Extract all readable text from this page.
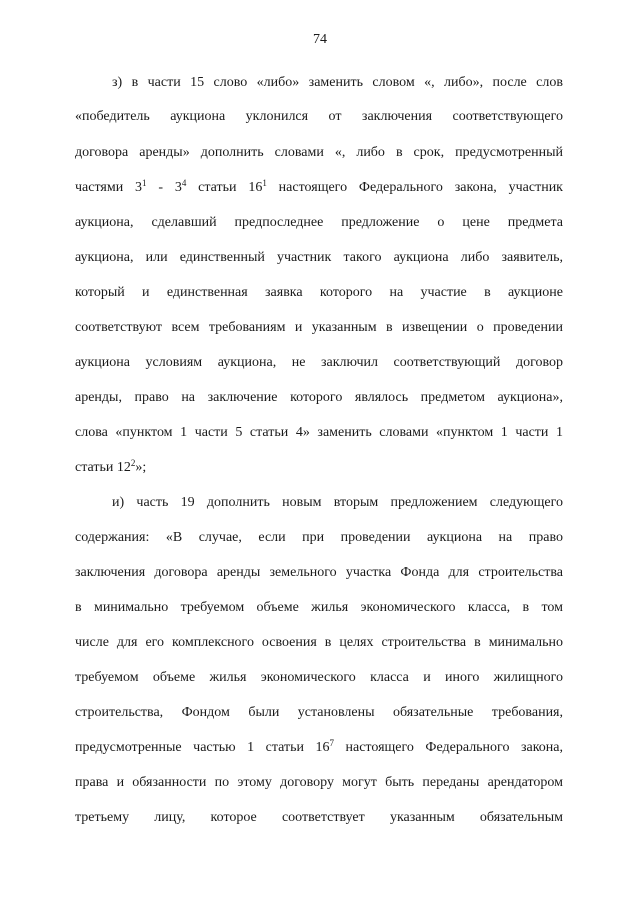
74
з) в части 15 слово «либо» заменить словом «, либо», после слов
«победитель аукциона уклонился от заключения соответствующего
договора аренды» дополнить словами «, либо в срок, предусмотренный
частями $3^1 - 3^4$ статьи $16^1$ настоящего Федерального закона, участник
аукциона, сделавший предпоследнее предложение о цене предмета
аукциона, или единственный участник такого аукциона либо заявитель,
который и единственная заявка которого на участие в аукционе
соответствуют всем требованиям и указанным в извещении о проведении
аукциона условиям аукциона, не заключил соответствующий договор
аренды, право на заключение которого являлось предметом аукциона»,
слова «пунктом 1 части 5 статьи 4» заменить словами «пунктом 1 части 1
статьи $12^2$»;
и) часть 19 дополнить новым вторым предложением следующего
содержания: «В случае, если при проведении аукциона на право
заключения договора аренды земельного участка Фонда для строительства
в минимально требуемом объеме жилья экономического класса, в том
числе для его комплексного освоения в целях строительства в минимально
требуемом объеме жилья экономического класса и иного жилищного
строительства, Фондом были установлены обязательные требования,
предусмотренные частью 1 статьи $16^7$ настоящего Федерального закона,
права и обязанности по этому договору могут быть переданы арендатором
третьему лицу, которое соответствует указанным обязательным
